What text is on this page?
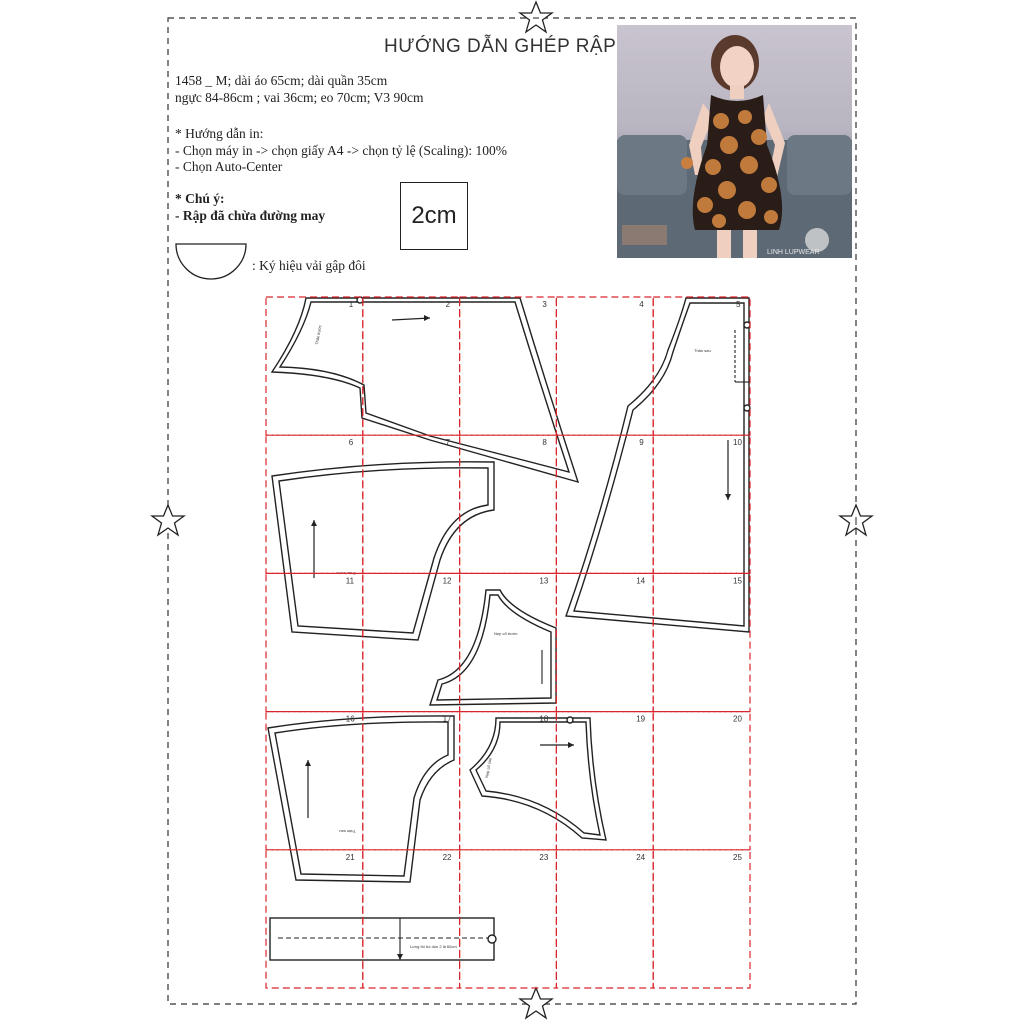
HƯỚNG DẪN GHÉP RẬP
1458 _ M; dài áo 65cm; dài quần 35cm
ngực 84-86cm ; vai 36cm; eo 70cm; V3 90cm
* Hướng dẫn in:
- Chọn máy in -> chọn giấy A4 -> chọn tỷ lệ (Scaling): 100%
- Chọn Auto-Center
* Chú ý:
- Rập đã chừa đường may	2cm
: Ký hiệu vải gập đôi
LINH LUPWEAR
Thân trước
Thân sau
Thân trước
Nẹp cổ trước
Thân sau
Nẹp cổ sau
Lưng thì bộ dùn 2 là 60cm
1	2	3	4	5
6	7	8	9	10
11	12	13	14	15
16	17	18	19	20
21	22	23	24	25
